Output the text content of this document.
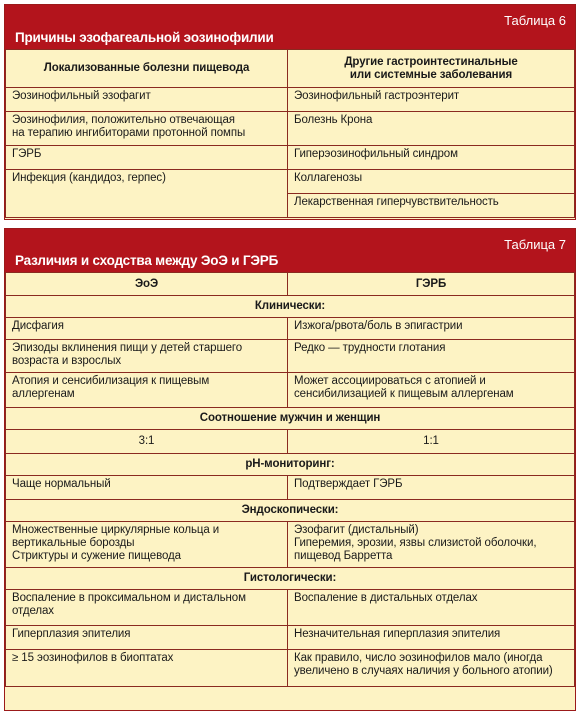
Таблица 6
Причины эзофагеальной эозинофилии
Локализованные болезни пищевода	Другие гастроинтестинальные
или системные заболевания
Эозинофильный эзофагит	Эозинофильный гастроэнтерит
Эозинофилия, положительно отвечающая
на терапию ингибиторами протонной помпы	Болезнь Крона
ГЭРБ	Гиперэозинофильный синдром
Инфекция (кандидоз, герпес)	Коллагенозы
	Лекарственная гиперчувствительность
Таблица 7
Различия и сходства между ЭоЭ и ГЭРБ
ЭоЭ	ГЭРБ
Клинически:	
Дисфагия	Изжога/рвота/боль в эпигастрии
Эпизоды вклинения пищи у детей старшего
возраста и взрослых	Редко — трудности глотания
Атопия и сенсибилизация к пищевым
аллергенам	Может ассоциироваться с атопией и
сенсибилизацией к пищевым аллергенам
Соотношение мужчин и женщин	
3:1	1:1
pH-мониторинг:	
Чаще нормальный	Подтверждает ГЭРБ
Эндоскопически:	
Множественные циркулярные кольца и
вертикальные борозды
Стриктуры и сужение пищевода	Эзофагит (дистальный)
Гиперемия, эрозии, язвы слизистой оболочки,
пищевод Барретта
Гистологически:	
Воспаление в проксимальном и дистальном
отделах	Воспаление в дистальных отделах
Гиперплазия эпителия	Незначительная гиперплазия эпителия
≥ 15 эозинофилов в биоптатах	Как правило, число эозинофилов мало (иногда
увеличено в случаях наличия у больного атопии)
